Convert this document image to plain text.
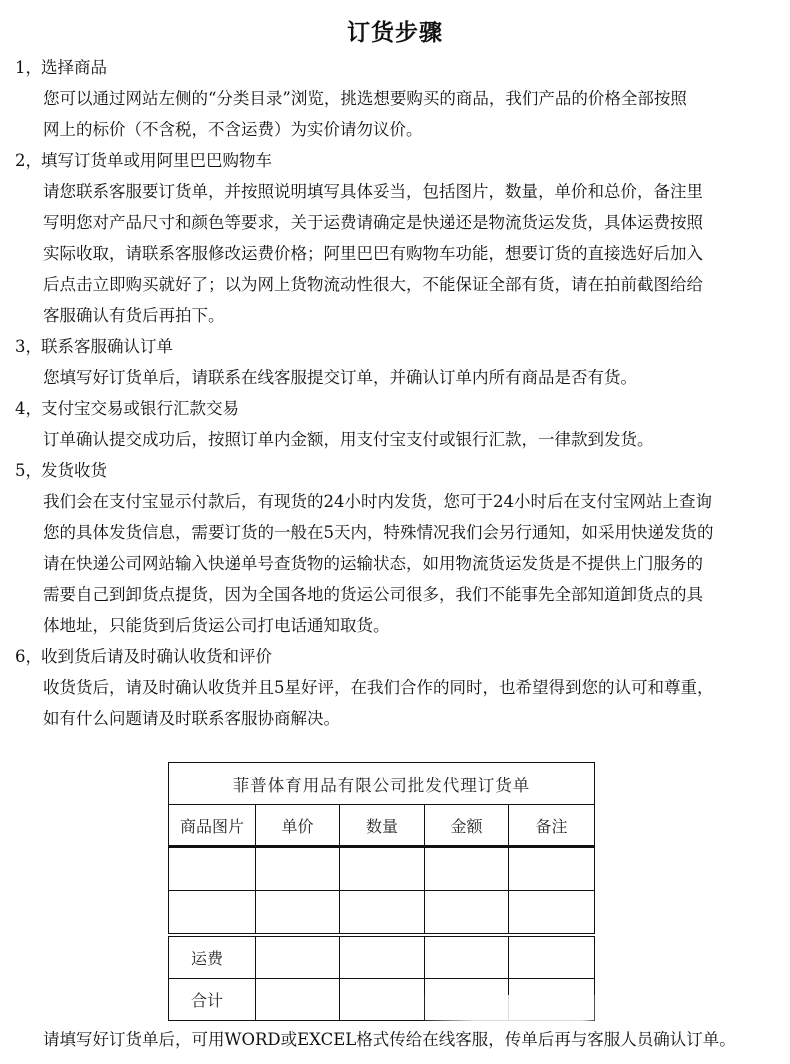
订货步骤
1，选择商品
您可以通过网站左侧的“分类目录”浏览，挑选想要购买的商品，我们产品的价格全部按照
网上的标价（不含税，不含运费）为实价请勿议价。
2，填写订货单或用阿里巴巴购物车
请您联系客服要订货单，并按照说明填写具体妥当，包括图片，数量，单价和总价，备注里
写明您对产品尺寸和颜色等要求，关于运费请确定是快递还是物流货运发货，具体运费按照
实际收取，请联系客服修改运费价格；阿里巴巴有购物车功能，想要订货的直接选好后加入
后点击立即购买就好了；以为网上货物流动性很大，不能保证全部有货，请在拍前截图给给
客服确认有货后再拍下。
3，联系客服确认订单
您填写好订货单后，请联系在线客服提交订单，并确认订单内所有商品是否有货。
4，支付宝交易或银行汇款交易
订单确认提交成功后，按照订单内金额，用支付宝支付或银行汇款，一律款到发货。
5，发货收货
我们会在支付宝显示付款后，有现货的24小时内发货，您可于24小时后在支付宝网站上查询
您的具体发货信息，需要订货的一般在5天内，特殊情况我们会另行通知，如采用快递发货的
请在快递公司网站输入快递单号查货物的运输状态，如用物流货运发货是不提供上门服务的
需要自己到卸货点提货，因为全国各地的货运公司很多，我们不能事先全部知道卸货点的具
体地址，只能货到后货运公司打电话通知取货。
6，收到货后请及时确认收货和评价
收货货后，请及时确认收货并且5星好评，在我们合作的同时，也希望得到您的认可和尊重，
如有什么问题请及时联系客服协商解决。
菲普体育用品有限公司批发代理订货单				
商品图片	单价	数量	金额	备注

运费				
合计				
请填写好订货单后，可用WORD或EXCEL格式传给在线客服，传单后再与客服人员确认订单。
